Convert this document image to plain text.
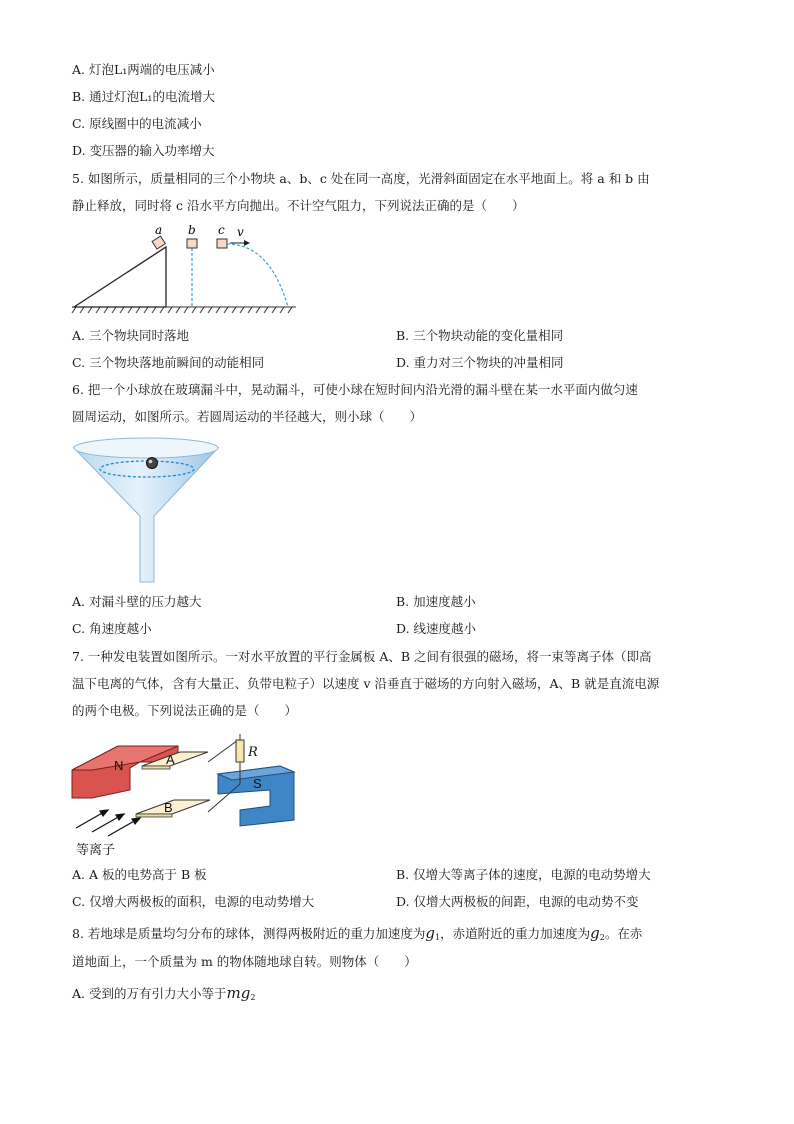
A. 灯泡L₁两端的电压减小
B. 通过灯泡L₁的电流增大
C. 原线圈中的电流减小
D. 变压器的输入功率增大
5. 如图所示，质量相同的三个小物块 a、b、c 处在同一高度，光滑斜面固定在水平地面上。将 a 和 b 由
静止释放，同时将 c 沿水平方向抛出。不计空气阻力，下列说法正确的是（　　）
a b c v
A. 三个物块同时落地	B. 三个物块动能的变化量相同
C. 三个物块落地前瞬间的动能相同	D. 重力对三个物块的冲量相同
6. 把一个小球放在玻璃漏斗中，晃动漏斗，可使小球在短时间内沿光滑的漏斗壁在某一水平面内做匀速
圆周运动，如图所示。若圆周运动的半径越大，则小球（　　）
A. 对漏斗壁的压力越大	B. 加速度越小
C. 角速度越小	D. 线速度越小
7. 一种发电装置如图所示。一对水平放置的平行金属板 A、B 之间有很强的磁场，将一束等离子体（即高
温下电离的气体，含有大量正、负带电粒子）以速度 v 沿垂直于磁场的方向射入磁场，A、B 就是直流电源
的两个电极。下列说法正确的是（　　）
N
S
A
B
R
等离子
A. A 板的电势高于 B 板	B. 仅增大等离子体的速度，电源的电动势增大
C. 仅增大两极板的面积，电源的电动势增大	D. 仅增大两极板的间距，电源的电动势不变
8. 若地球是质量均匀分布的球体，测得两极附近的重力加速度为$g_1$，赤道附近的重力加速度为$g_2$。在赤
道地面上，一个质量为 m 的物体随地球自转。则物体（　　）
A. 受到的万有引力大小等于$mg_2$
